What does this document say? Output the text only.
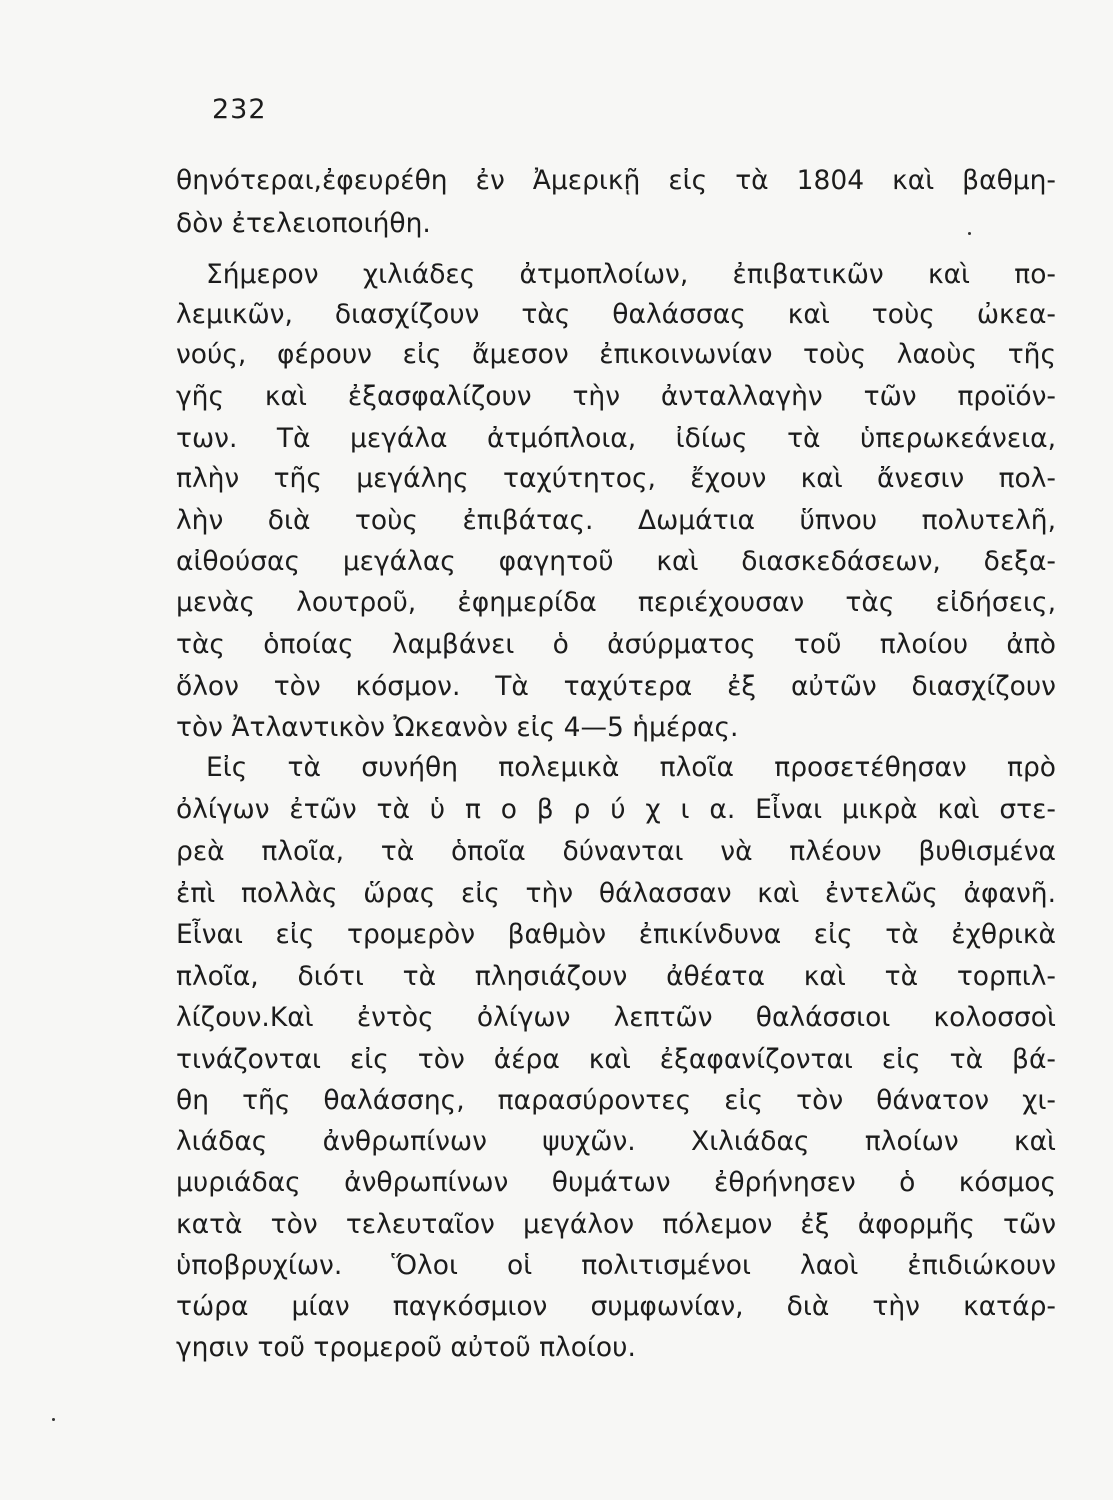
232
θηνότεραι,ἐφευρέθη ἐν Ἀμερικῇ εἰς τὰ 1804 καὶ βαθμη-
δὸν ἐτελειοποιήθη.
Σήμερον χιλιάδες ἀτμοπλοίων, ἐπιβατικῶν καὶ πο-
λεμικῶν, διασχίζουν τὰς θαλάσσας καὶ τοὺς ὠκεα-
νούς, φέρουν εἰς ἄμεσον ἐπικοινωνίαν τοὺς λαοὺς τῆς
γῆς καὶ ἐξασφαλίζουν τὴν ἀνταλλαγὴν τῶν προϊόν-
των. Τὰ μεγάλα ἀτμόπλοια, ἰδίως τὰ ὑπερωκεάνεια,
πλὴν τῆς μεγάλης ταχύτητος, ἔχουν καὶ ἄνεσιν πολ-
λὴν διὰ τοὺς ἐπιβάτας. Δωμάτια ὕπνου πολυτελῆ,
αἰθούσας μεγάλας φαγητοῦ καὶ διασκεδάσεων, δεξα-
μενὰς λουτροῦ, ἐφημερίδα περιέχουσαν τὰς εἰδήσεις,
τὰς ὁποίας λαμβάνει ὁ ἀσύρματος τοῦ πλοίου ἀπὸ
ὅλον τὸν κόσμον. Τὰ ταχύτερα ἐξ αὐτῶν διασχίζουν
τὸν Ἀτλαντικὸν Ὠκεανὸν εἰς 4—5 ἡμέρας.
Εἰς τὰ συνήθη πολεμικὰ πλοῖα προσετέθησαν πρὸ
ὀλίγων ἐτῶν τὰ ὑ π ο β ρ ύ χ ι α. Εἶναι μικρὰ καὶ στε-
ρεὰ πλοῖα, τὰ ὁποῖα δύνανται νὰ πλέουν βυθισμένα
ἐπὶ πολλὰς ὥρας εἰς τὴν θάλασσαν καὶ ἐντελῶς ἀφανῆ.
Εἶναι εἰς τρομερὸν βαθμὸν ἐπικίνδυνα εἰς τὰ ἐχθρικὰ
πλοῖα, διότι τὰ πλησιάζουν ἀθέατα καὶ τὰ τορπιλ-
λίζουν.Καὶ ἐντὸς ὀλίγων λεπτῶν θαλάσσιοι κολοσσοὶ
τινάζονται εἰς τὸν ἀέρα καὶ ἐξαφανίζονται εἰς τὰ βά-
θη τῆς θαλάσσης, παρασύροντες εἰς τὸν θάνατον χι-
λιάδας ἀνθρωπίνων ψυχῶν. Χιλιάδας πλοίων καὶ
μυριάδας ἀνθρωπίνων θυμάτων ἐθρήνησεν ὁ κόσμος
κατὰ τὸν τελευταῖον μεγάλον πόλεμον ἐξ ἀφορμῆς τῶν
ὑποβρυχίων. Ὅλοι οἱ πολιτισμένοι λαοὶ ἐπιδιώκουν
τώρα μίαν παγκόσμιον συμφωνίαν, διὰ τὴν κατάρ-
γησιν τοῦ τρομεροῦ αὐτοῦ πλοίου.
